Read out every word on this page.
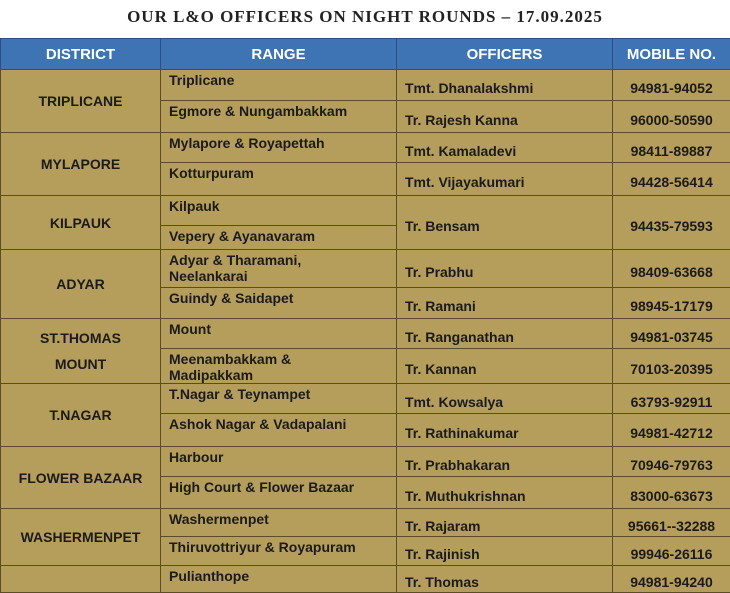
OUR L&O OFFICERS ON NIGHT ROUNDS – 17.09.2025
DISTRICT	RANGE	OFFICERS	MOBILE NO.
TRIPLICANE	Triplicane	Tmt. Dhanalakshmi	94981-94052
	Egmore & Nungambakkam	Tr. Rajesh Kanna	96000-50590
MYLAPORE	Mylapore & Royapettah	Tmt. Kamaladevi	98411-89887
	Kotturpuram	Tmt. Vijayakumari	94428-56414
KILPAUK	Kilpauk	Tr. Bensam	94435-79593
	Vepery & Ayanavaram		
ADYAR	Adyar & Tharamani,
Neelankarai	Tr. Prabhu	98409-63668
	Guindy & Saidapet	Tr. Ramani	98945-17179
ST.THOMAS
MOUNT	Mount	Tr. Ranganathan	94981-03745
	Meenambakkam &
Madipakkam	Tr. Kannan	70103-20395
T.NAGAR	T.Nagar & Teynampet	Tmt. Kowsalya	63793-92911
	Ashok Nagar & Vadapalani	Tr. Rathinakumar	94981-42712
FLOWER BAZAAR	Harbour	Tr. Prabhakaran	70946-79763
	High Court & Flower Bazaar	Tr. Muthukrishnan	83000-63673
WASHERMENPET	Washermenpet	Tr. Rajaram	95661--32288
	Thiruvottriyur & Royapuram	Tr. Rajinish	99946-26116
	Pulianthope	Tr. Thomas	94981-94240
